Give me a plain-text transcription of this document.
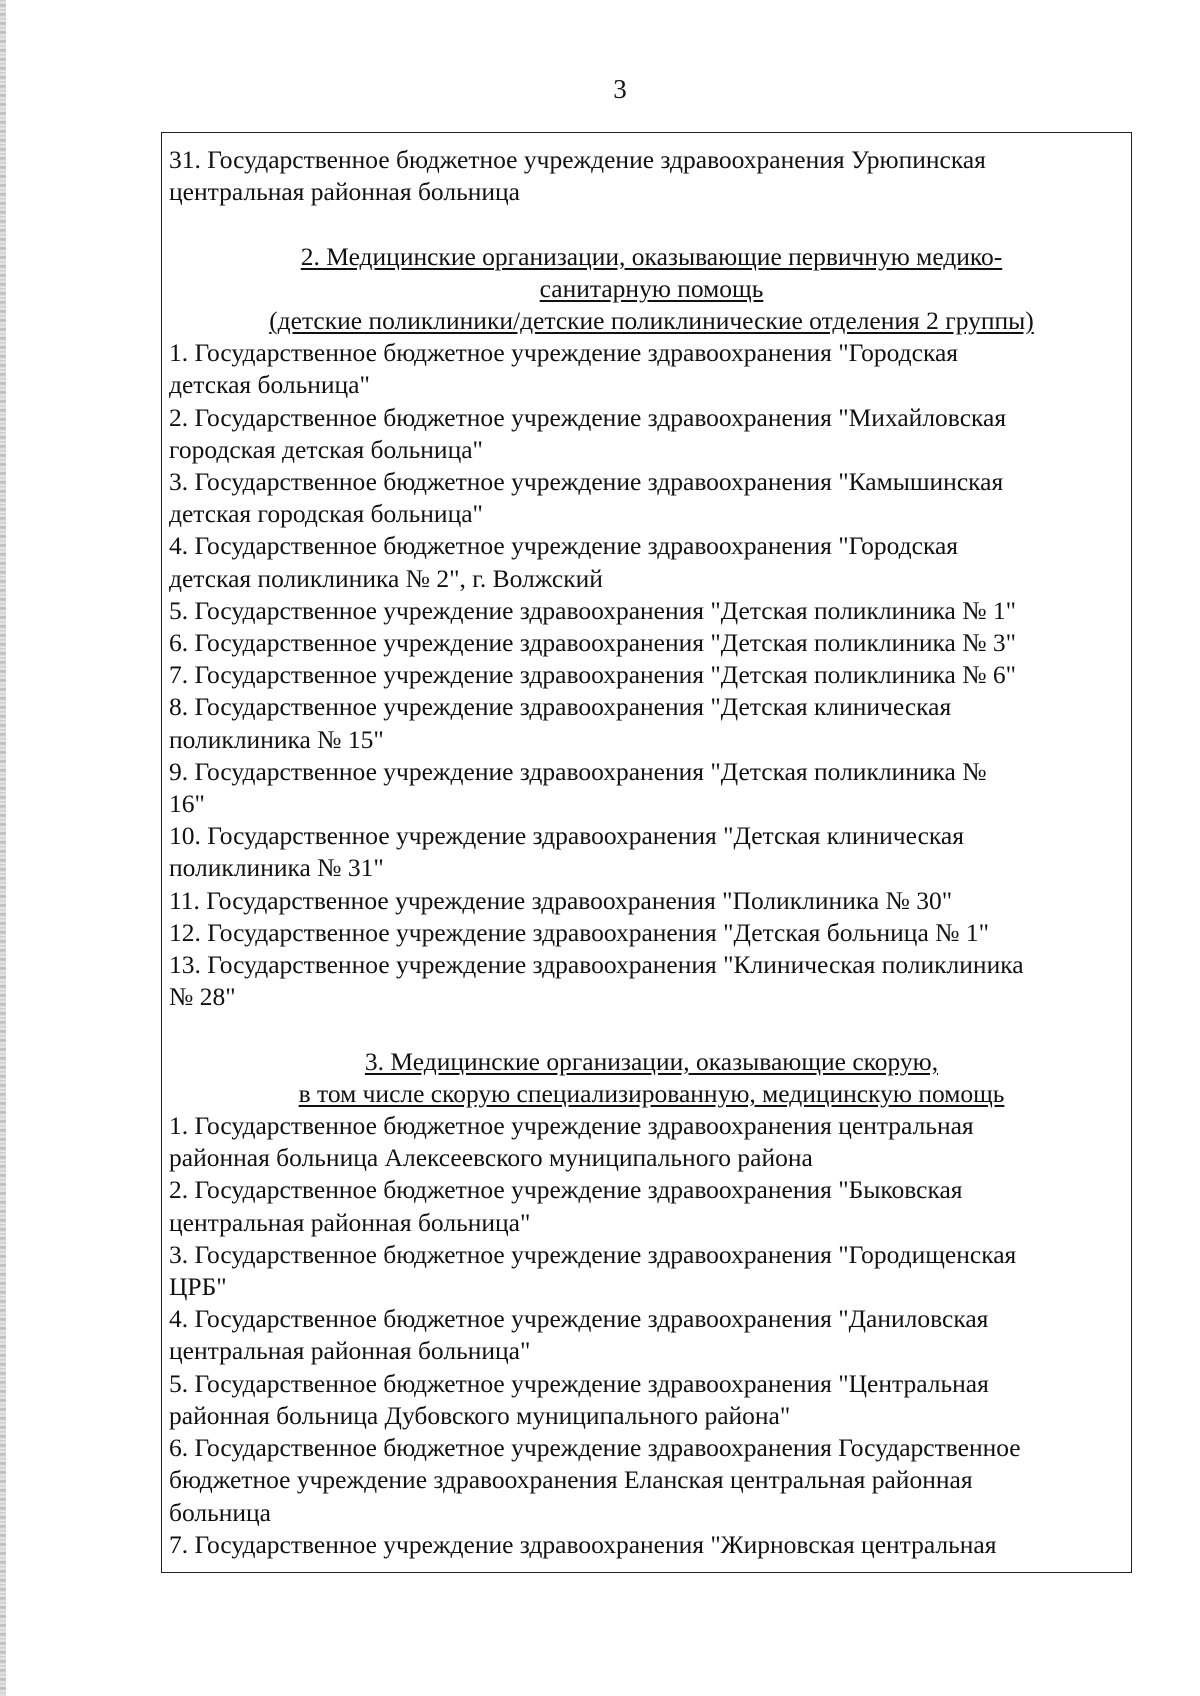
3
31. Государственное бюджетное учреждение здравоохранения Урюпинская
центральная районная больница
2. Медицинские организации, оказывающие первичную медико-
санитарную помощь
(детские поликлиники/детские поликлинические отделения 2 группы)
1. Государственное бюджетное учреждение здравоохранения "Городская
детская больница"
2. Государственное бюджетное учреждение здравоохранения "Михайловская
городская детская больница"
3. Государственное бюджетное учреждение здравоохранения "Камышинская
детская городская больница"
4. Государственное бюджетное учреждение здравоохранения "Городская
детская поликлиника № 2", г. Волжский
5. Государственное учреждение здравоохранения "Детская поликлиника № 1"
6. Государственное учреждение здравоохранения "Детская поликлиника № 3"
7. Государственное учреждение здравоохранения "Детская поликлиника № 6"
8. Государственное учреждение здравоохранения "Детская клиническая
поликлиника № 15"
9. Государственное учреждение здравоохранения "Детская поликлиника №
16"
10. Государственное учреждение здравоохранения "Детская клиническая
поликлиника № 31"
11. Государственное учреждение здравоохранения "Поликлиника № 30"
12. Государственное учреждение здравоохранения "Детская больница № 1"
13. Государственное учреждение здравоохранения "Клиническая поликлиника
№ 28"
3. Медицинские организации, оказывающие скорую,
в том числе скорую специализированную, медицинскую помощь
1. Государственное бюджетное учреждение здравоохранения центральная
районная больница Алексеевского муниципального района
2. Государственное бюджетное учреждение здравоохранения "Быковская
центральная районная больница"
3. Государственное бюджетное учреждение здравоохранения "Городищенская
ЦРБ"
4. Государственное бюджетное учреждение здравоохранения "Даниловская
центральная районная больница"
5. Государственное бюджетное учреждение здравоохранения "Центральная
районная больница Дубовского муниципального района"
6. Государственное бюджетное учреждение здравоохранения Государственное
бюджетное учреждение здравоохранения Еланская центральная районная
больница
7. Государственное учреждение здравоохранения "Жирновская центральная
